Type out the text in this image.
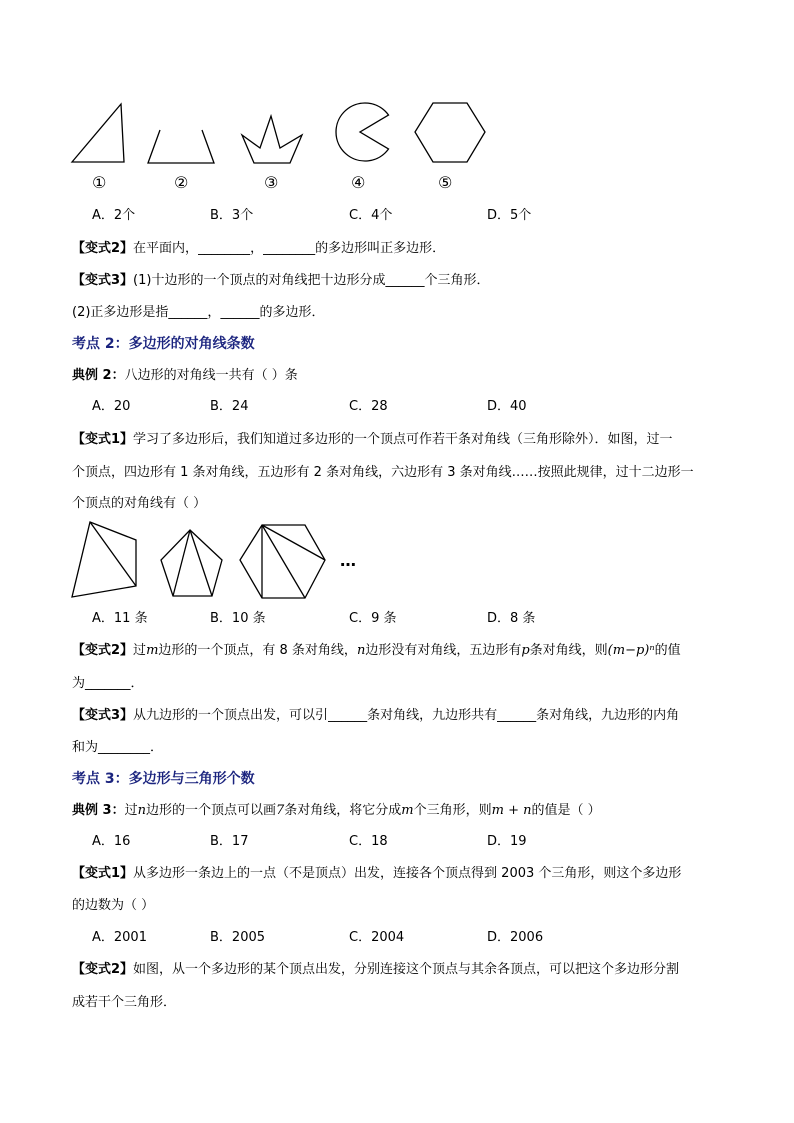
①	②	③	④	⑤
A．2个	B．3个	C．4个	D．5个
【变式2】在平面内，________，________的多边形叫正多边形．
【变式3】(1)十边形的一个顶点的对角线把十边形分成______个三角形．
(2)正多边形是指______，______的多边形．
考点 2：多边形的对角线条数
典例 2：八边形的对角线一共有（ ）条
A．20	B．24	C．28	D．40
【变式1】学习了多边形后，我们知道过多边形的一个顶点可作若干条对角线（三角形除外）．如图，过一
个顶点，四边形有 1 条对角线，五边形有 2 条对角线，六边形有 3 条对角线……按照此规律，过十二边形一
个顶点的对角线有（ ）
…
A．11 条	B．10 条	C．9 条	D．8 条
【变式2】过m边形的一个顶点，有 8 条对角线，n边形没有对角线，五边形有p条对角线，则(m−p)ⁿ的值
为_______．
【变式3】从九边形的一个顶点出发，可以引______条对角线，九边形共有______条对角线，九边形的内角
和为________．
考点 3：多边形与三角形个数
典例 3：过n边形的一个顶点可以画7条对角线，将它分成m个三角形，则m + n的值是（ ）
A．16	B．17	C．18	D．19
【变式1】从多边形一条边上的一点（不是顶点）出发，连接各个顶点得到 2003 个三角形，则这个多边形
的边数为（ ）
A．2001	B．2005	C．2004	D．2006
【变式2】如图，从一个多边形的某个顶点出发，分别连接这个顶点与其余各顶点，可以把这个多边形分割
成若干个三角形．
